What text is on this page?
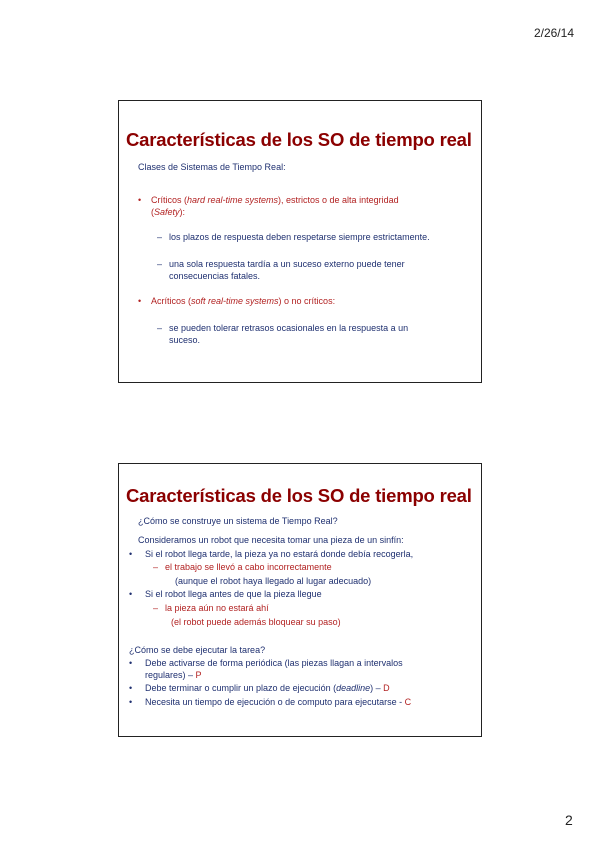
2/26/14
Características de los SO de tiempo real
Clases de Sistemas de Tiempo Real:
• Críticos (hard real-time systems), estrictos o de alta integridad
(Safety):
– los plazos de respuesta deben respetarse siempre estrictamente.
– una sola respuesta tardía a un suceso externo puede tener
consecuencias fatales.
• Acríticos (soft real-time systems) o no críticos:
– se pueden tolerar retrasos ocasionales en la respuesta a un
suceso.
Características de los SO de tiempo real
¿Cómo se construye un sistema de Tiempo Real?
Consideramos un robot que necesita tomar una pieza de un sinfín:
• Si el robot llega tarde, la pieza ya no estará donde debía recogerla,
– el trabajo se llevó a cabo incorrectamente
(aunque el robot haya llegado al lugar adecuado)
• Si el robot llega antes de que la pieza llegue
– la pieza aún no estará ahí
(el robot puede además bloquear su paso)
¿Cómo se debe ejecutar la tarea?
• Debe activarse de forma periódica (las piezas llagan a intervalos
regulares) – P
• Debe terminar o cumplir un plazo de ejecución (deadline) – D
• Necesita un tiempo de ejecución o de computo para ejecutarse - C
2
